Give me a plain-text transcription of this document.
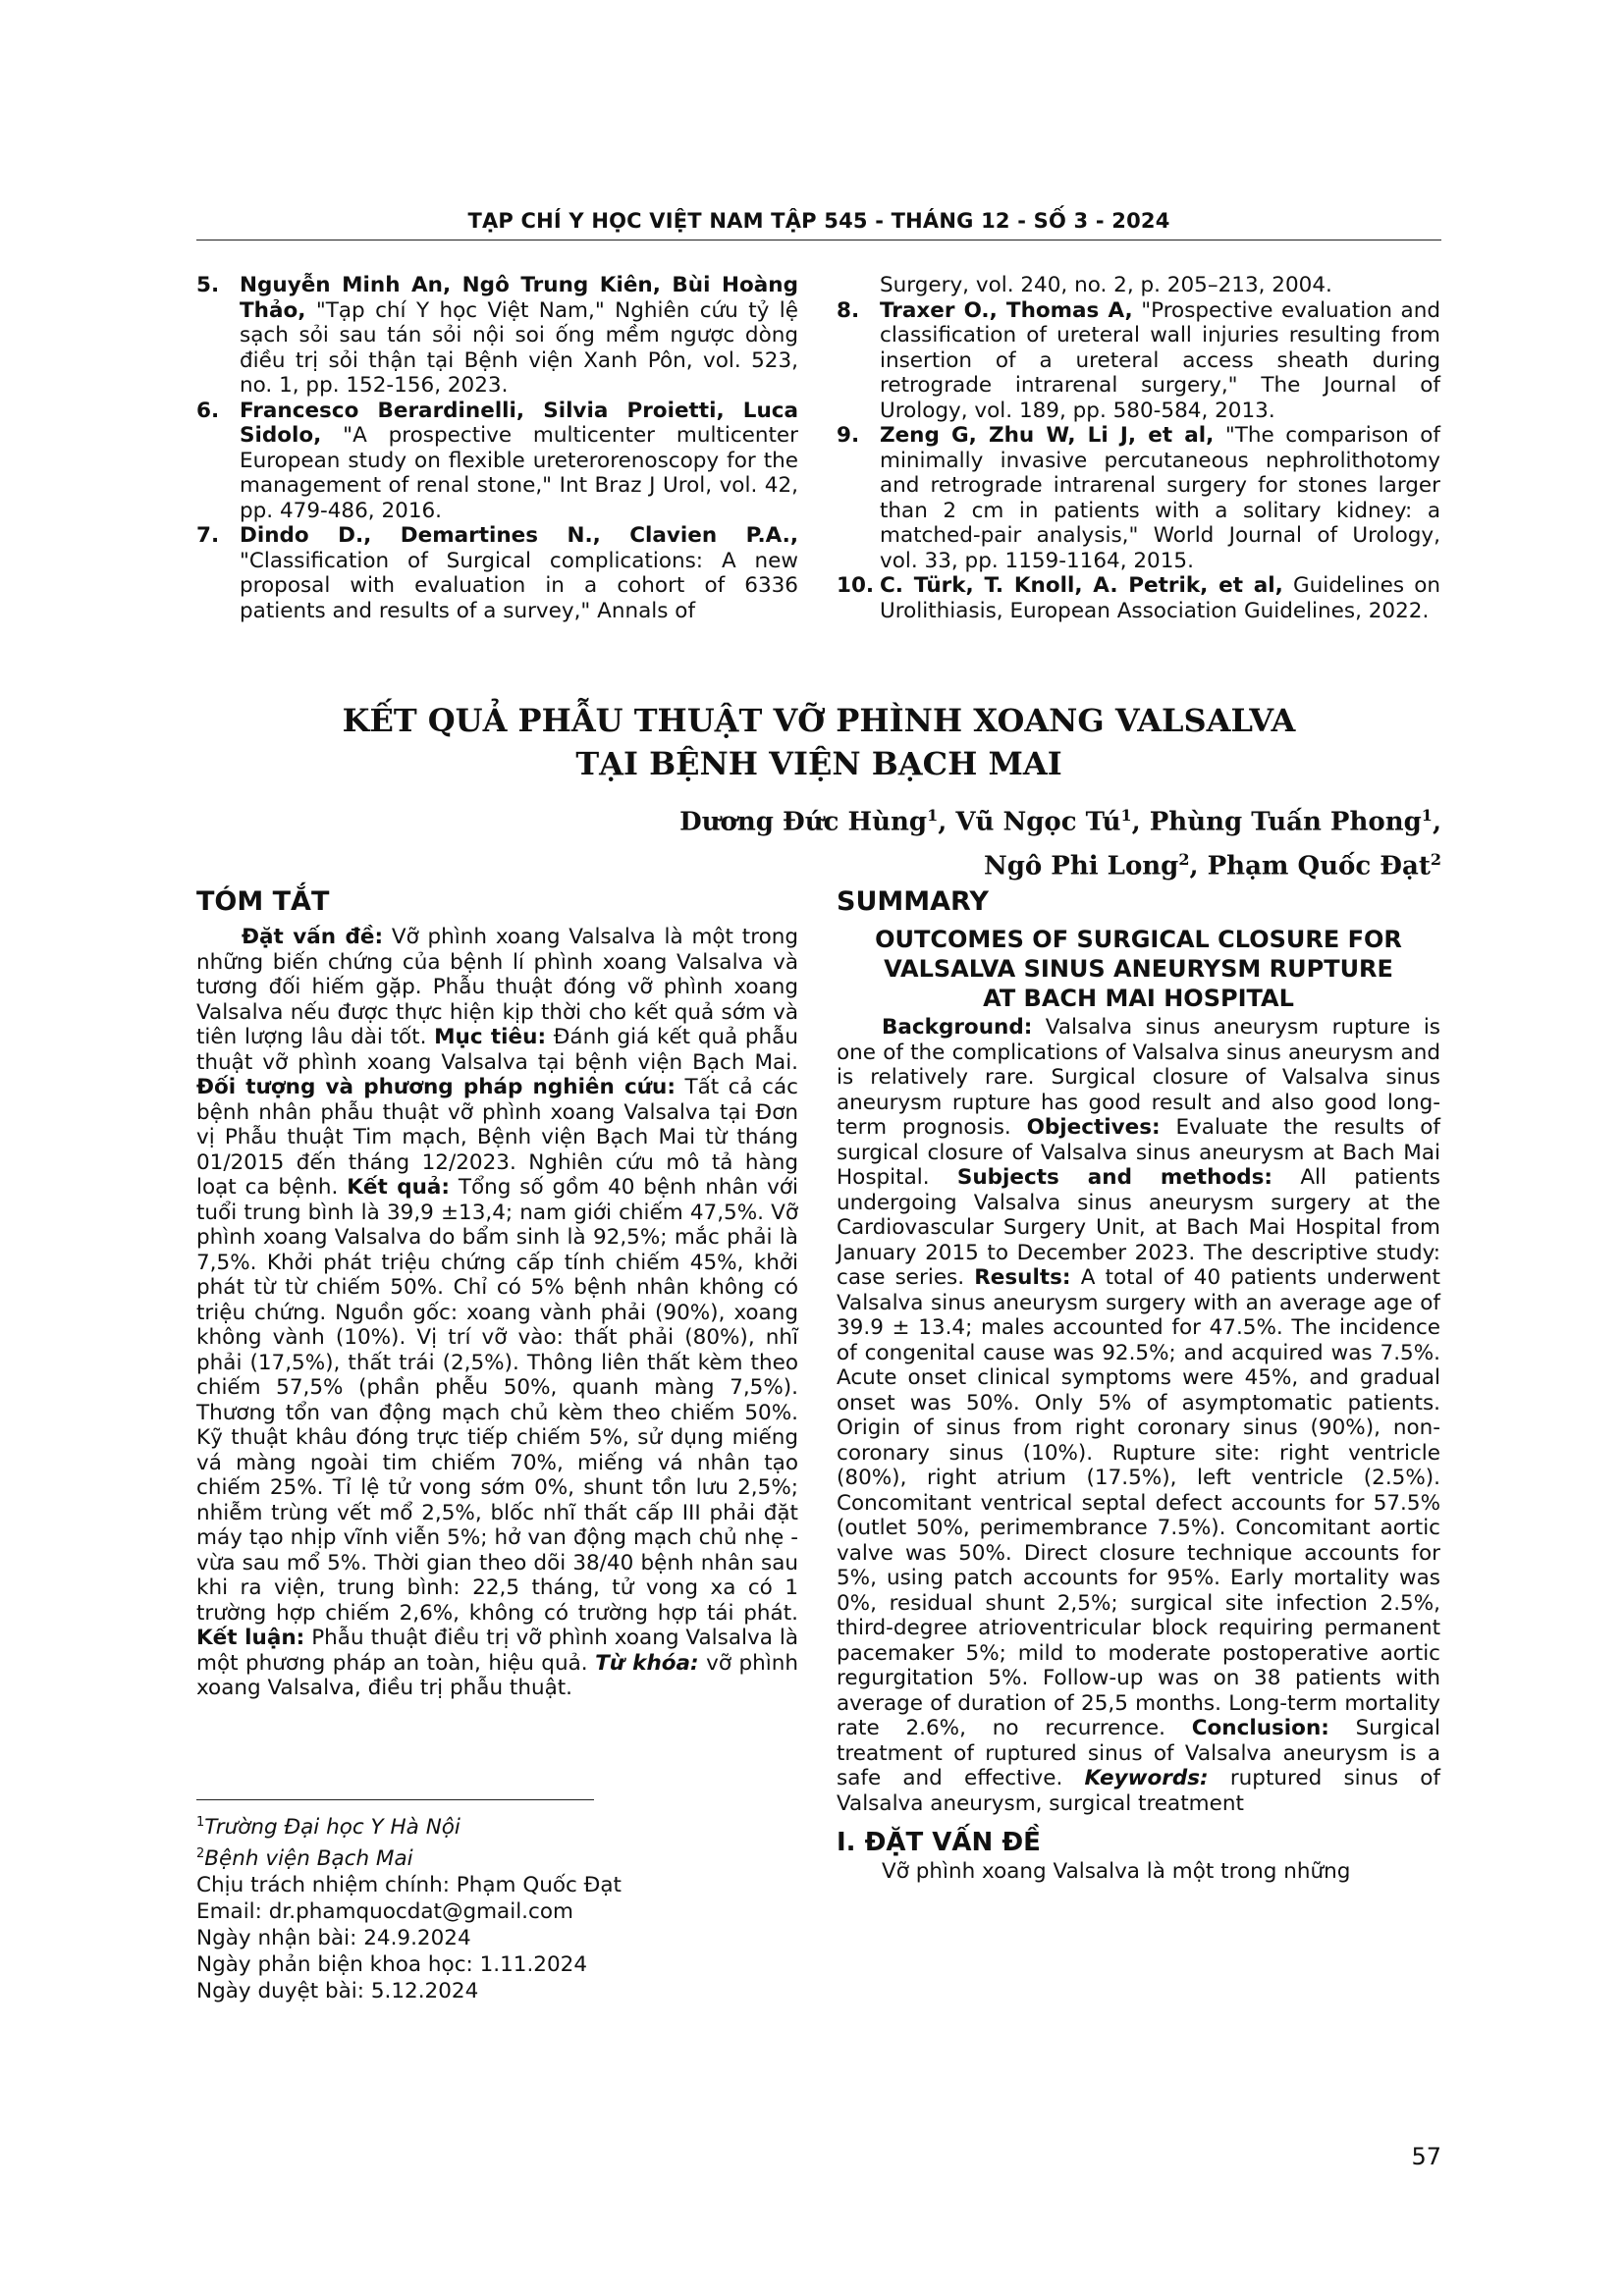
TẠP CHÍ Y HỌC VIỆT NAM TẬP 545 - THÁNG 12 - SỐ 3 - 2024
5. Nguyễn Minh An, Ngô Trung Kiên, Bùi Hoàng Thảo, "Tạp chí Y học Việt Nam," Nghiên cứu tỷ lệ sạch sỏi sau tán sỏi nội soi ống mềm ngược dòng điều trị sỏi thận tại Bệnh viện Xanh Pôn, vol. 523, no. 1, pp. 152-156, 2023.
6. Francesco Berardinelli, Silvia Proietti, Luca Sidolo, "A prospective multicenter multicenter European study on flexible ureterorenoscopy for the management of renal stone," Int Braz J Urol, vol. 42, pp. 479-486, 2016.
7. Dindo D., Demartines N., Clavien P.A., "Classification of Surgical complications: A new proposal with evaluation in a cohort of 6336 patients and results of a survey," Annals of
Surgery, vol. 240, no. 2, p. 205–213, 2004.
8. Traxer O., Thomas A, "Prospective evaluation and classification of ureteral wall injuries resulting from insertion of a ureteral access sheath during retrograde intrarenal surgery," The Journal of Urology, vol. 189, pp. 580-584, 2013.
9. Zeng G, Zhu W, Li J, et al, "The comparison of minimally invasive percutaneous nephrolithotomy and retrograde intrarenal surgery for stones larger than 2 cm in patients with a solitary kidney: a matched-pair analysis," World Journal of Urology, vol. 33, pp. 1159-1164, 2015.
10. C. Türk, T. Knoll, A. Petrik, et al, Guidelines on Urolithiasis, European Association Guidelines, 2022.
KẾT QUẢ PHẪU THUẬT VỠ PHÌNH XOANG VALSALVA
TẠI BỆNH VIỆN BẠCH MAI
Dương Đức Hùng$^1$, Vũ Ngọc $Tú^1$, Phùng Tuấn Phong$^1$,
Ngô Phi Long$^2$, Phạm Quốc Đạt$^2$
TÓM TẮT

Đặt vấn đề: Vỡ phình xoang Valsalva là một trong những biến chứng của bệnh lí phình xoang Valsalva và tương đối hiếm gặp. Phẫu thuật đóng vỡ phình xoang Valsalva nếu được thực hiện kịp thời cho kết quả sớm và tiên lượng lâu dài tốt. Mục tiêu: Đánh giá kết quả phẫu thuật vỡ phình xoang Valsalva tại bệnh viện Bạch Mai. Đối tượng và phương pháp nghiên cứu: Tất cả các bệnh nhân phẫu thuật vỡ phình xoang Valsalva tại Đơn vị Phẫu thuật Tim mạch, Bệnh viện Bạch Mai từ tháng 01/2015 đến tháng 12/2023. Nghiên cứu mô tả hàng loạt ca bệnh. Kết quả: Tổng số gồm 40 bệnh nhân với tuổi trung bình là 39,9 ±13,4; nam giới chiếm 47,5%. Vỡ phình xoang Valsalva do bẩm sinh là 92,5%; mắc phải là 7,5%. Khởi phát triệu chứng cấp tính chiếm 45%, khởi phát từ từ chiếm 50%. Chỉ có 5% bệnh nhân không có triệu chứng. Nguồn gốc: xoang vành phải (90%), xoang không vành (10%). Vị trí vỡ vào: thất phải (80%), nhĩ phải (17,5%), thất trái (2,5%). Thông liên thất kèm theo chiếm 57,5% (phần phễu 50%, quanh màng 7,5%). Thương tổn van động mạch chủ kèm theo chiếm 50%. Kỹ thuật khâu đóng trực tiếp chiếm 5%, sử dụng miếng vá màng ngoài tim chiếm 70%, miếng vá nhân tạo chiếm 25%. Tỉ lệ tử vong sớm 0%, shunt tồn lưu 2,5%; nhiễm trùng vết mổ 2,5%, blốc nhĩ thất cấp III phải đặt máy tạo nhịp vĩnh viễn 5%; hở van động mạch chủ nhẹ - vừa sau mổ 5%. Thời gian theo dõi 38/40 bệnh nhân sau khi ra viện, trung bình: 22,5 tháng, tử vong xa có 1 trường hợp chiếm 2,6%, không có trường hợp tái phát. Kết luận: Phẫu thuật điều trị vỡ phình xoang Valsalva là một phương pháp an toàn, hiệu quả. Từ khóa: vỡ phình xoang Valsalva, điều trị phẫu thuật.

$^1$Trường Đại học Y Hà Nội
$^2$Bệnh viện Bạch Mai
Chịu trách nhiệm chính: Phạm Quốc Đạt
Email: dr.phamquocdat@gmail.com
Ngày nhận bài: 24.9.2024
Ngày phản biện khoa học: 1.11.2024
Ngày duyệt bài: 5.12.2024
SUMMARY
OUTCOMES OF SURGICAL CLOSURE FOR
VALSALVA SINUS ANEURYSM RUPTURE
AT BACH MAI HOSPITAL

Background: Valsalva sinus aneurysm rupture is one of the complications of Valsalva sinus aneurysm and is relatively rare. Surgical closure of Valsalva sinus aneurysm rupture has good result and also good long-term prognosis. Objectives: Evaluate the results of surgical closure of Valsalva sinus aneurysm at Bach Mai Hospital. Subjects and methods: All patients undergoing Valsalva sinus aneurysm surgery at the Cardiovascular Surgery Unit, at Bach Mai Hospital from January 2015 to December 2023. The descriptive study: case series. Results: A total of 40 patients underwent Valsalva sinus aneurysm surgery with an average age of 39.9 ± 13.4; males accounted for 47.5%. The incidence of congenital cause was 92.5%; and acquired was 7.5%. Acute onset clinical symptoms were 45%, and gradual onset was 50%. Only 5% of asymptomatic patients. Origin of sinus from right coronary sinus (90%), non-coronary sinus (10%). Rupture site: right ventricle (80%), right atrium (17.5%), left ventricle (2.5%). Concomitant ventrical septal defect accounts for 57.5% (outlet 50%, perimembrance 7.5%). Concomitant aortic valve was 50%. Direct closure technique accounts for 5%, using patch accounts for 95%. Early mortality was 0%, residual shunt 2,5%; surgical site infection 2.5%, third-degree atrioventricular block requiring permanent pacemaker 5%; mild to moderate postoperative aortic regurgitation 5%. Follow-up was on 38 patients with average of duration of 25,5 months. Long-term mortality rate 2.6%, no recurrence. Conclusion: Surgical treatment of ruptured sinus of Valsalva aneurysm is a safe and effective. Keywords: ruptured sinus of Valsalva aneurysm, surgical treatment

I. ĐẶT VẤN ĐỀ

Vỡ phình xoang Valsalva là một trong những

57
